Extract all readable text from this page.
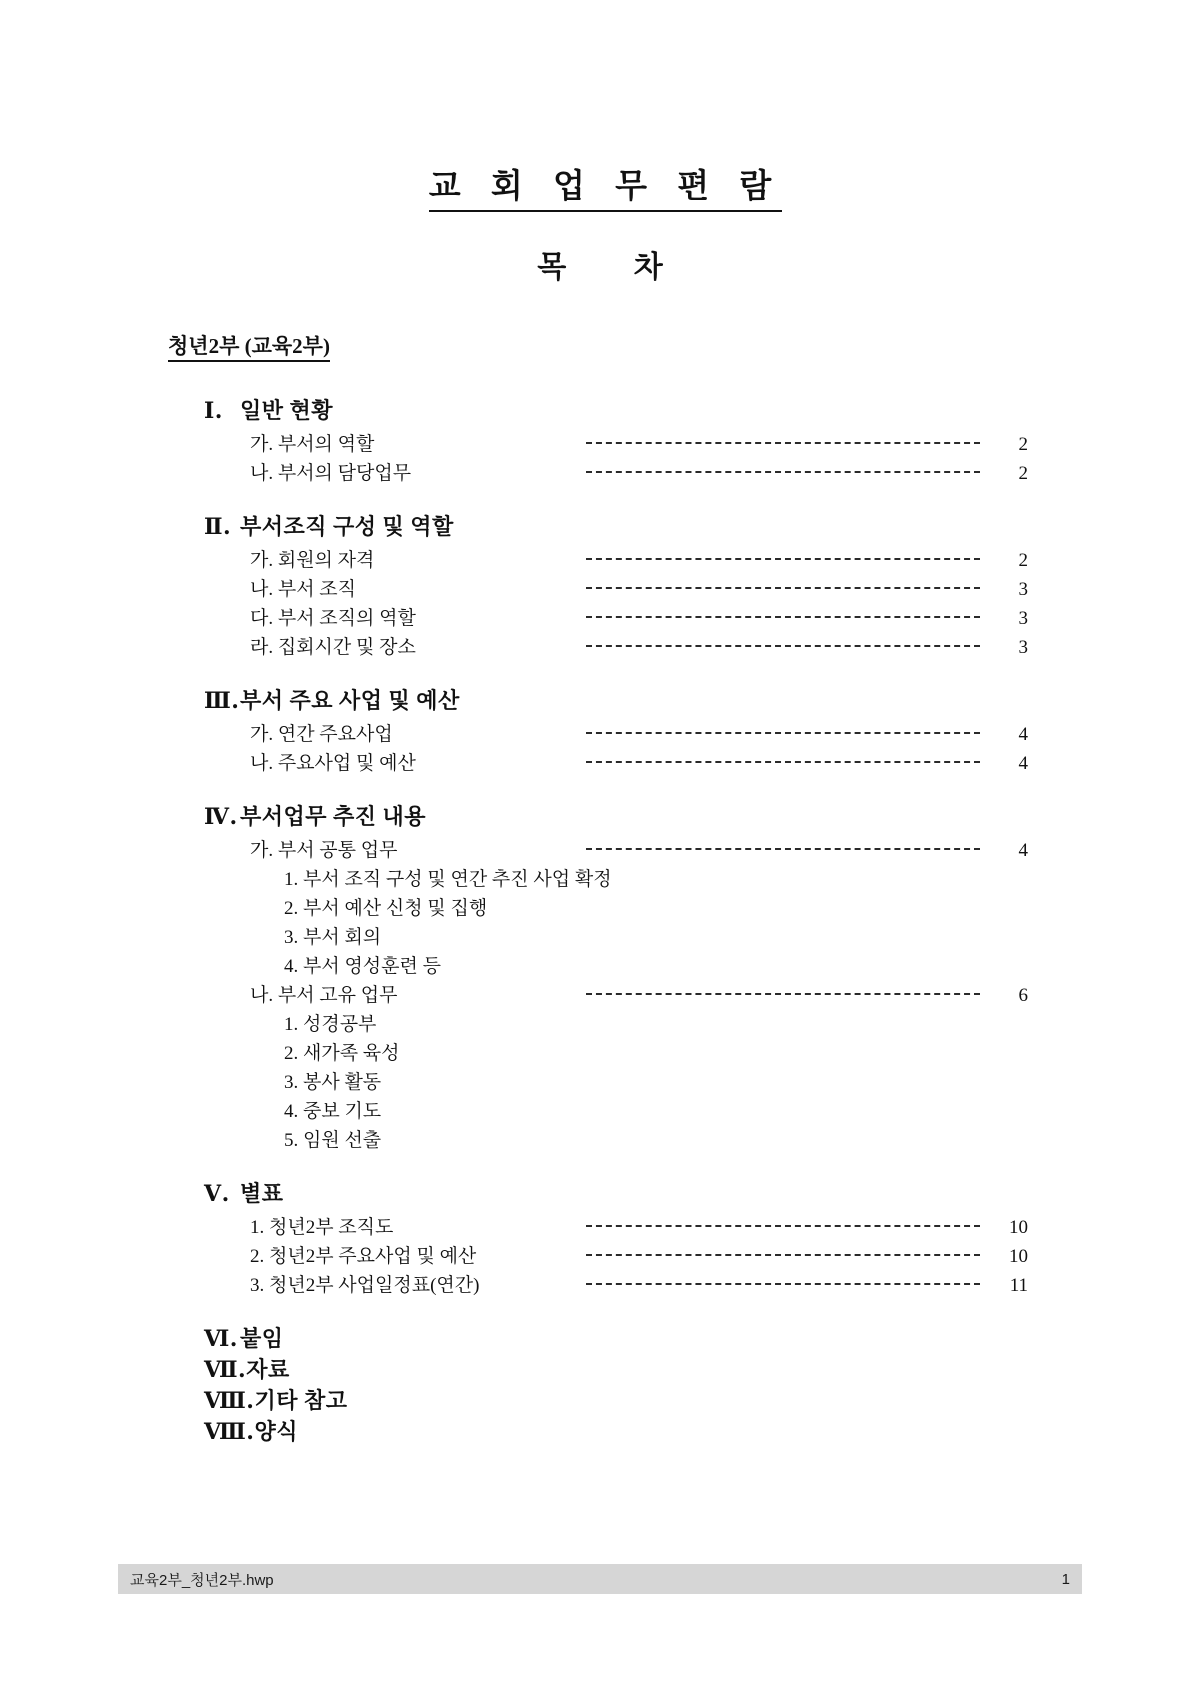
교 회 업 무 편 람
목 차
청년2부 (교육2부)
Ⅰ. 일반 현황
가. 부서의 역할	2
나. 부서의 담당업무	2
Ⅱ. 부서조직 구성 및 역할
가. 회원의 자격	2
나. 부서 조직	3
다. 부서 조직의 역할	3
라. 집회시간 및 장소	3
Ⅲ. 부서 주요 사업 및 예산
가. 연간 주요사업	4
나. 주요사업 및 예산	4
Ⅳ. 부서업무 추진 내용
가. 부서 공통 업무	4
1. 부서 조직 구성 및 연간 추진 사업 확정
2. 부서 예산 신청 및 집행
3. 부서 회의
4. 부서 영성훈련 등
나. 부서 고유 업무	6
1. 성경공부
2. 새가족 육성
3. 봉사 활동
4. 중보 기도
5. 임원 선출
Ⅴ. 별표
1. 청년2부 조직도	10
2. 청년2부 주요사업 및 예산	10
3. 청년2부 사업일정표(연간)	11
Ⅵ. 붙임
Ⅶ. 자료
Ⅷ. 기타 참고
Ⅷ. 양식
교육2부_청년2부.hwp	1
